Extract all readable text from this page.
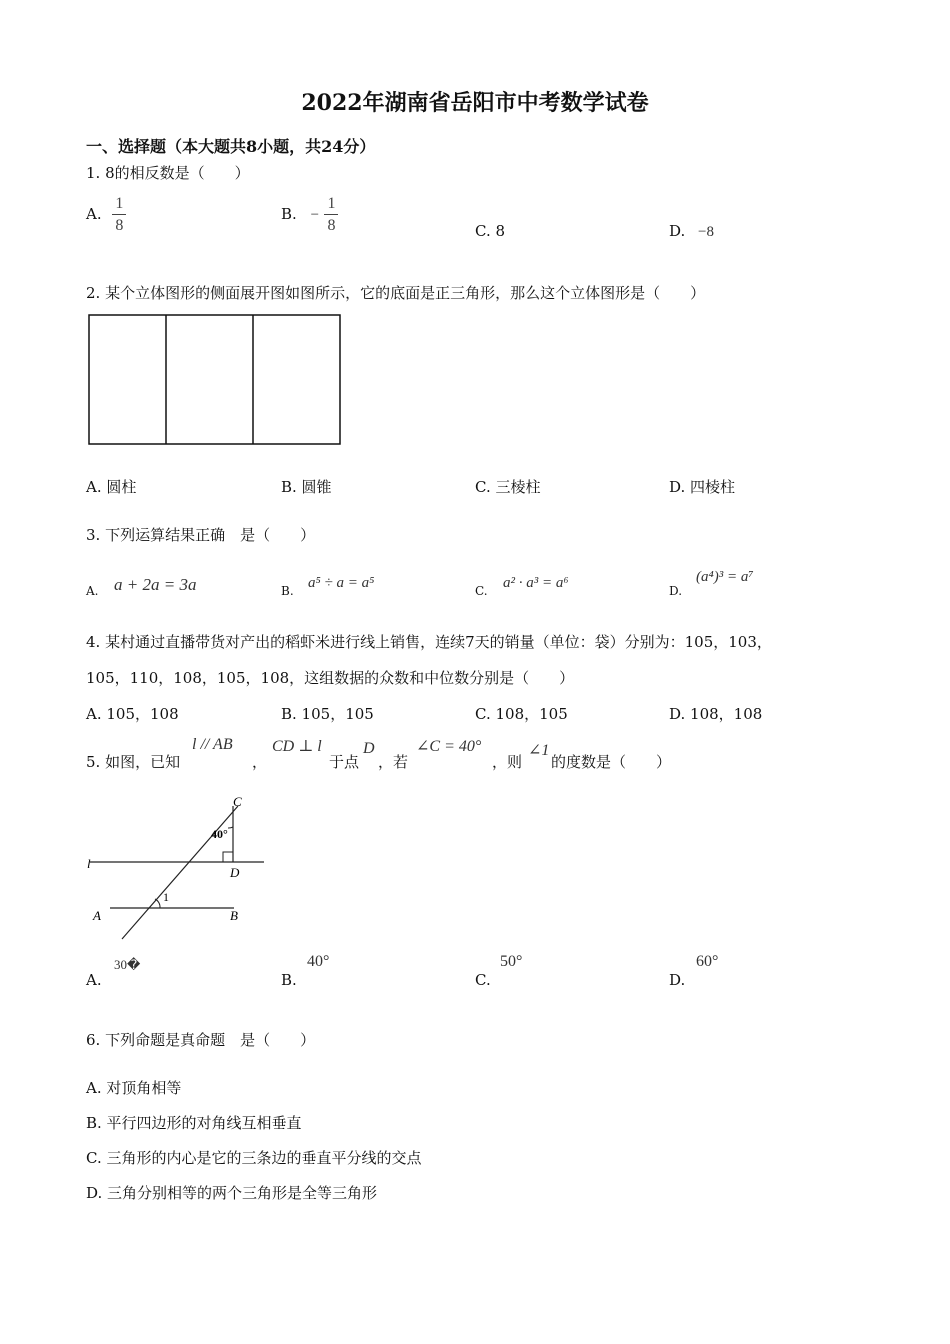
2022年湖南省岳阳市中考数学试卷
一、选择题（本大题共8小题，共24分）
1. 8的相反数是（　　）
A. $\frac{1}{8}$	B. − $\frac{1}{8}$	C. 8	D. −8
2. 某个立体图形的侧面展开图如图所示，它的底面是正三角形，那么这个立体图形是（　　）
A. 圆柱	B. 圆锥	C. 三棱柱	D. 四棱柱
3. 下列运算结果正确　是（　　）
A. a + 2a = 3a	B. a⁵ ÷ a = a⁵	C. a² · a³ = a⁶	D.
(a⁴)³ = a⁷
4. 某村通过直播带货对产出的稻虾米进行线上销售，连续7天的销量（单位：袋）分别为：105，103，
105，110，108，105，108，这组数据的众数和中位数分别是（　　）
A. 105，108	B. 105，105	C. 108，105	D. 108，108
5. 如图，已知
l // AB
，
CD ⊥ l
于点
D
，若
∠C = 40°
，则
∠1
的度数是（　　）
C
D
l
A	B
40°
1
A.
30�
B.
40°
C.
50°
D.
60°
6. 下列命题是真命题　是（　　）
A. 对顶角相等
B. 平行四边形的对角线互相垂直
C. 三角形的内心是它的三条边的垂直平分线的交点
D. 三角分别相等的两个三角形是全等三角形
